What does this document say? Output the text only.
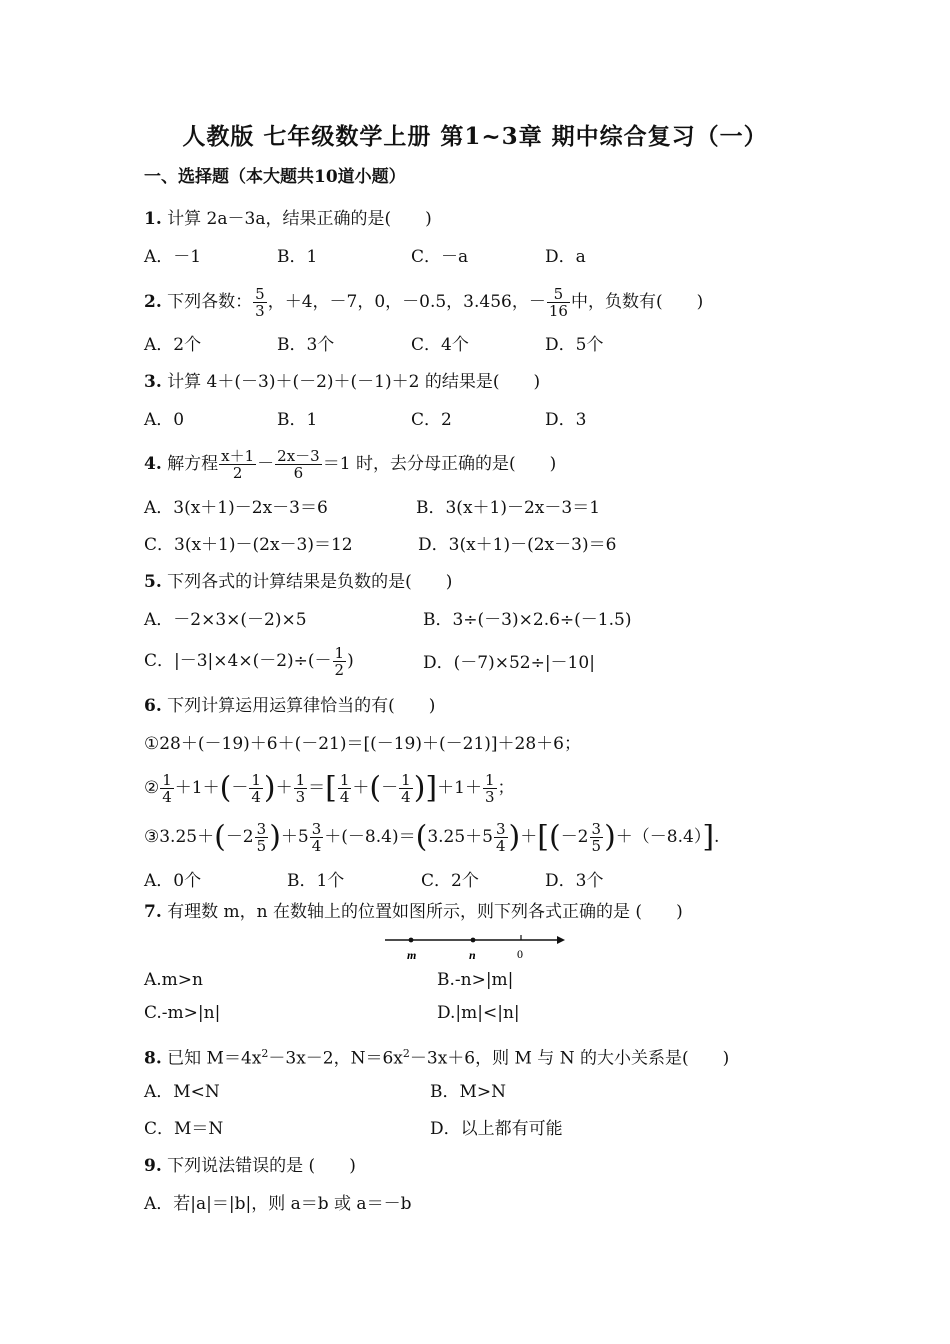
人教版 七年级数学上册 第1~3章 期中综合复习（一）
一、选择题（本大题共10道小题）
1. 计算 2a－3a，结果正确的是(　　)
A．－1	B．1	C．－a	D．a
2. 下列各数： $\frac{5}{3}$ ，＋4，－7，0，－0.5，3.456，－ $\frac{5}{16}$ 中，负数有(　　)
A．2个	B．3个	C．4个	D．5个
3. 计算 4＋(－3)＋(－2)＋(－1)＋2 的结果是(　　)
A．0	B．1	C．2	D．3
4. 解方程 $\frac{x+1}{2} - \frac{2x-3}{6} =1$ 时，去分母正确的是(　　)
A．3(x＋1)－2x－3＝6	B．3(x＋1)－2x－3＝1
C．3(x＋1)－(2x－3)＝12	D．3(x＋1)－(2x－3)＝6
5. 下列各式的计算结果是负数的是(　　)
A．－2×3×(－2)×5	B．3÷(－3)×2.6÷(－1.5)
C．$|-3|\times 4\times(-2)\div(- \frac{1}{2}$ )	D．(－7)×52÷|－10|
6. 下列计算运用运算律恰当的有(　　)
①28＋(－19)＋6＋(－21)＝[(－19)＋(－21)]＋28＋6；
② $\frac{1}{4} +1+(- \frac{1}{4}$ )＋ $\frac{1}{3}$ ＝[ $\frac{1}{4}$ ＋(－ $\frac{1}{4} )]+1+ \frac{1}{3}$ ；
③3.25＋(－2 $\frac{3}{5} )+5 \frac{3}{4} +(-8.4)=(3.25+5 \frac{3}{4} )+[(-2 \frac{3}{5} )+(-8.4)]$.
A．0个	B．1个	C．2个	D．3个
7. 有理数 m，n 在数轴上的位置如图所示，则下列各式正确的是 (　　)
m	n	0
A.m>n	B.-n>|m|
C.-m>|n|	D.|m|<|n|
8. 已知 $M=4x^2-3x-2$，$N=6x^2-3x+6$，则 M 与 N 的大小关系是(　　)
A．M<N	B．M>N
C．M＝N	D．以上都有可能
9. 下列说法错误的是 (　　)
A．若|a|＝|b|，则 a＝b 或 a＝－b
